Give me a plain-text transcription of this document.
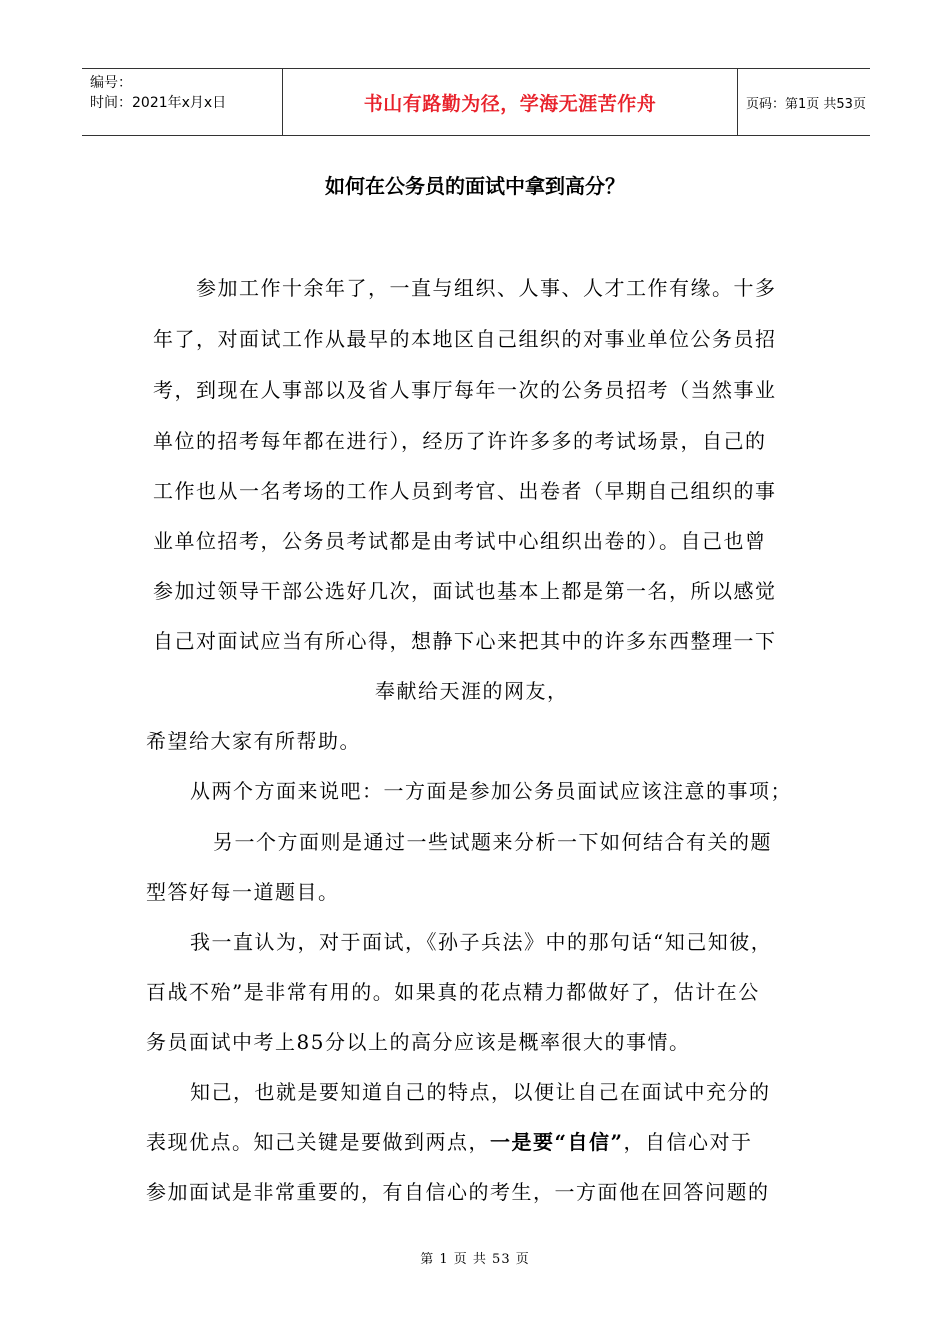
编号：
时间：2021年x月x日	书山有路勤为径，学海无涯苦作舟	页码：第1页 共53页
如何在公务员的面试中拿到高分？
参加工作十余年了，一直与组织、人事、人才工作有缘。十多
年了，对面试工作从最早的本地区自己组织的对事业单位公务员招
考，到现在人事部以及省人事厅每年一次的公务员招考（当然事业
单位的招考每年都在进行），经历了许许多多的考试场景，自己的
工作也从一名考场的工作人员到考官、出卷者（早期自己组织的事
业单位招考，公务员考试都是由考试中心组织出卷的）。自己也曾
参加过领导干部公选好几次，面试也基本上都是第一名，所以感觉
自己对面试应当有所心得，想静下心来把其中的许多东西整理一下
奉献给天涯的网友，
希望给大家有所帮助。
从两个方面来说吧：一方面是参加公务员面试应该注意的事项；
另一个方面则是通过一些试题来分析一下如何结合有关的题
型答好每一道题目。
我一直认为，对于面试，《孙子兵法》中的那句话“知己知彼，
百战不殆”是非常有用的。如果真的花点精力都做好了，估计在公
务员面试中考上85分以上的高分应该是概率很大的事情。
知己，也就是要知道自己的特点，以便让自己在面试中充分的
表现优点。知己关键是要做到两点，一是要“自信”，自信心对于
参加面试是非常重要的，有自信心的考生，一方面他在回答问题的
第 1 页 共 53 页
